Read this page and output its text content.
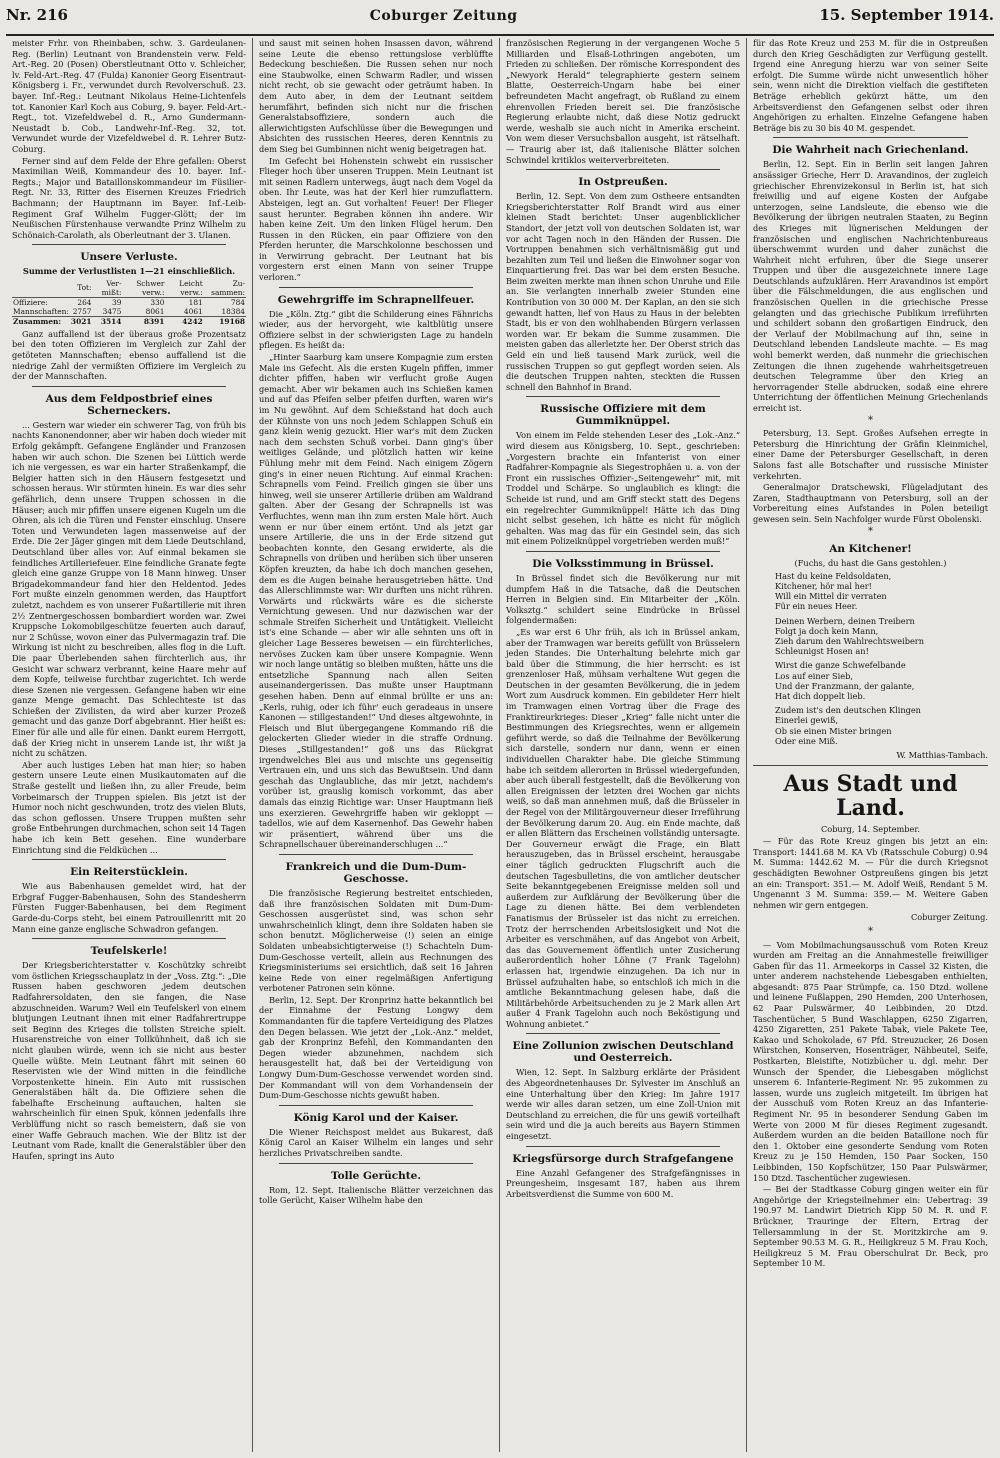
Nr. 216	Coburger Zeitung	15. September 1914.

meister Frhr. von Rheinbaben, schw. 3. Gardeulanen-Reg. (Berlin) Leutnant von Brandenstein verw. Feld-Art.-Reg. 20 (Posen) Oberstleutnant Otto v. Schleicher, lv. Feld-Art.-Reg. 47 (Fulda) Kanonier Georg Eisentraut-Königsberg i. Fr., verwundet durch Revolverschuß. 23. bayer. Inf.-Reg.: Leutnant Nikolaus Heine-Lichtenfels tot. Kanonier Karl Koch aus Coburg, 9. bayer. Feld-Art.-Regt., tot. Vizefeldwebel d. R., Arno Gundermann-Neustadt b. Cob., Landwehr-Inf.-Reg. 32, tot. Verwundet wurde der Vizefeldwebel d. R. Lehrer Butz-Coburg.

Ferner sind auf dem Felde der Ehre gefallen: Oberst Maximilian Weiß, Kommandeur des 10. bayer. Inf.-Regts.; Major und Bataillonskommandeur im Füsilier-Regt. Nr. 33, Ritter des Eisernen Kreuzes Friedrich Bachmann; der Hauptmann im Bayer. Inf.-Leib-Regiment Graf Wilhelm Fugger-Glött; der im Neußischen Fürstenhause verwandte Prinz Wilhelm zu Schönaich-Carolath, als Oberleutnant der 3. Ulanen.

Unsere Verluste.
Summe der Verlustlisten 1—21 einschließlich.
	Tot:	Ver-mißt:	Schwer verw.:	Leicht verw.:	Zu-sammen:
Offiziere:	264	39	330	181	784
Mannschaften:	2757	3475	8061	4061	18384
Zusammen:	3021	3514	8391	4242	19168

Ganz auffallend ist der überaus große Prozentsatz bei den toten Offizieren im Vergleich zur Zahl der getöteten Mannschaften; ebenso auffallend ist die niedrige Zahl der vermißten Offiziere im Vergleich zu der der Mannschaften.

Aus dem Feldpostbrief eines Scherneckers.

... Gestern war wieder ein schwerer Tag, von früh bis nachts Kanonendonner, aber wir haben doch wieder mit Erfolg gekämpft. Gefangene Engländer und Franzosen haben wir auch schon. Die Szenen bei Lüttich werde ich nie vergessen, es war ein harter Straßenkampf, die Belgier hatten sich in den Häusern festgesetzt und schossen heraus. Wir stürmten hinein. Es war dies sehr gefährlich, denn unsere Truppen schossen in die Häuser; auch mir pfiffen unsere eigenen Kugeln um die Ohren, als ich die Türen und Fenster einschlug. Unsere Toten und Verwundeten lagen massenweise auf der Erde. Die 2er Jäger gingen mit dem Liede Deutschland, Deutschland über alles vor. Auf einmal bekamen sie feindliches Artilleriefeuer. Eine feindliche Granate fegte gleich eine ganze Gruppe von 18 Mann hinweg. Unser Brigadekommandeur fand hier den Heldentod. Jedes Fort mußte einzeln genommen werden, das Hauptfort zuletzt, nachdem es von unserer Fußartillerie mit ihren 2½ Zentnergeschossen bombardiert worden war. Zwei Kruppsche Lokomobilgeschütze feuerten auch darauf, nur 2 Schüsse, wovon einer das Pulvermagazin traf. Die Wirkung ist nicht zu beschreiben, alles flog in die Luft. Die paar Überlebenden sahen fürchterlich aus, ihr Gesicht war schwarz verbrannt, keine Haare mehr auf dem Kopfe, teilweise furchtbar zugerichtet. Ich werde diese Szenen nie vergessen. Gefangene haben wir eine ganze Menge gemacht. Das Schlechteste ist das Schießen der Zivilisten, da wird aber kurzer Prozeß gemacht und das ganze Dorf abgebrannt. Hier heißt es: Einer für alle und alle für einen. Dankt eurem Herrgott, daß der Krieg nicht in unserem Lande ist, ihr wißt ja nicht zu schätzen.

Aber auch lustiges Leben hat man hier; so haben gestern unsere Leute einen Musikautomaten auf die Straße gestellt und ließen ihn, zu aller Freude, beim Vorbeimarsch der Truppen spielen. Bis jetzt ist der Humor noch nicht geschwunden, trotz des vielen Bluts, das schon geflossen. Unsere Truppen mußten sehr große Entbehrungen durchmachen, schon seit 14 Tagen habe ich kein Bett gesehen. Eine wunderbare Einrichtung sind die Feldküchen ...

Ein Reiterstücklein.

Wie aus Babenhausen gemeldet wird, hat der Erbgraf Fugger-Babenhausen, Sohn des Standesherrn Fürsten Fugger-Babenhausen, bei dem Regiment Garde-du-Corps steht, bei einem Patrouillenritt mit 20 Mann eine ganze englische Schwadron gefangen.

Teufelskerle!

Der Kriegsberichterstatter v. Koschützky schreibt vom östlichen Kriegsschauplatz in der „Voss. Ztg.“: „Die Russen haben geschworen ‚jedem deutschen Radfahrersoldaten, den sie fangen, die Nase abzuschneiden. Warum? Weil ein Teufelskerl von einem blutjungen Leutnant ihnen mit einer Radfahrertruppe seit Beginn des Krieges die tollsten Streiche spielt. Husarenstreiche von einer Tollkühnheit, daß ich sie nicht glauben würde, wenn ich sie nicht aus bester Quelle wüßte. Mein Leutnant fährt mit seinen 60 Reservisten wie der Wind mitten in die feindliche Vorpostenkette hinein. Ein Auto mit russischen Generalstäben hält da. Die Offiziere sehen die fabelhafte Erscheinung auftauchen, halten sie wahrscheinlich für einen Spuk, können jedenfalls ihre Verblüffung nicht so rasch bemeistern, daß sie von einer Waffe Gebrauch machen. Wie der Blitz ist der Leutnant vom Rade, knallt die Generalstäbler über den Haufen, springt ins Auto

und saust mit seinen hohen Insassen davon, während seine Leute die ebenso rettungslose verblüffte Bedeckung beschießen. Die Russen sehen nur noch eine Staubwolke, einen Schwarm Radler, und wissen nicht recht, ob sie gewacht oder geträumt haben. In dem Auto aber, in dem der Leutnant seitdem herumfährt, befinden sich nicht nur die frischen Generalstabsoffiziere, sondern auch die allerwichtigsten Aufschlüsse über die Bewegungen und Absichten des russischen Heeres, deren Kenntnis zu dem Sieg bei Gumbinnen nicht wenig beigetragen hat.

Im Gefecht bei Hohenstein schwebt ein russischer Flieger hoch über unseren Truppen. Mein Leutnant ist mit seinen Radlern unterwegs, äugt nach dem Vogel da oben. Ihr Leute, was hat der Kerl hier rumzuflattern. Absteigen, legt an. Gut vorhalten! Feuer! Der Flieger saust herunter. Begraben können ihn andere. Wir haben keine Zeit. Um den linken Flügel herum. Den Russen in den Rücken, ein paar Offiziere von den Pferden herunter, die Marschkolonne beschossen und in Verwirrung gebracht. Der Leutnant hat bis vorgestern erst einen Mann von seiner Truppe verloren.“

Gewehrgriffe im Schrapnellfeuer.

Die „Köln. Ztg.“ gibt die Schilderung eines Fähnrichs wieder, aus der hervorgeht, wie kaltblütig unsere Offiziere selbst in der schwierigsten Lage zu handeln pflegen. Es heißt da:

„Hinter Saarburg kam unsere Kompagnie zum ersten Male ins Gefecht. Als die ersten Kugeln pfiffen, immer dichter pfiffen, haben wir verflucht große Augen gemacht. Aber wir bekamen auch ins Schießen kamen und auf das Pfeifen selber pfeifen durften, waren wir's im Nu gewöhnt. Auf dem Schießstand hat doch auch der Kühnste von uns noch jedem Schlappen Schuß ein ganz klein wenig gezuckt. Hier war's mit dem Zucken nach dem sechsten Schuß vorbei. Dann ging's über weitliges Gelände, und plötzlich hatten wir keine Fühlung mehr mit dem Feind. Nach einigem Zögern ging's in einer neuen Richtung. Auf einmal Krachen: Schrapnells vom Feind. Freilich gingen sie über uns hinweg, weil sie unserer Artillerie drüben am Waldrand galten. Aber der Gesang der Schrapnells ist was Verfluchtes, wenn man ihn zum ersten Male hört. Auch wenn er nur über einem ertönt. Und als jetzt gar unsere Artillerie, die uns in der Erde sitzend gut beobachten konnte, den Gesang erwiderte, als die Schrapnells von drüben und herüben sich über unseren Köpfen kreuzten, da habe ich doch manchen gesehen, dem es die Augen beinahe herausgetrieben hätte. Und das Allerschlimmste war: Wir durften uns nicht rühren. Vorwärts und rückwärts wäre es die sicherste Vernichtung gewesen. Und nur dazwischen war der schmale Streifen Sicherheit und Untätigkeit. Vielleicht ist's eine Schande — aber wir alle sehnten uns oft in gleicher Lage Besseres beweisen — ein fürchterliches, nervöses Zucken kam über unsere Kompagnie. Wenn wir noch lange untätig so bleiben mußten, hätte uns die entsetzliche Spannung nach allen Seiten auseinandergerissen. Das mußte unser Hauptmann gesehen haben. Denn auf einmal brüllte er uns an: „Kerls, ruhig, oder ich führ' euch geradeaus in unsere Kanonen — stillgestanden!“ Und dieses altgewohnte, in Fleisch und Blut übergegangene Kommando riß die gelockerten Glieder wieder in die straffe Ordnung. Dieses „Stillgestanden!“ goß uns das Rückgrat irgendwelches Blei aus und mischte uns gegenseitig Vertrauen ein, und uns sich das Bewußtsein. Und dann geschah das Unglaubliche, das mir jetzt, nachdem's vorüber ist, grauslig komisch vorkommt, das aber damals das einzig Richtige war: Unser Hauptmann ließ uns exerzieren. Gewehrgriffe haben wir gekloppt — tadellos, wie auf dem Kasernenhof. Das Gewehr haben wir präsentiert, während über uns die Schrapnellschauer übereinanderschlugen ...“

Frankreich und die Dum-Dum-Geschosse.

Die französische Regierung bestreitet entschieden, daß ihre französischen Soldaten mit Dum-Dum-Geschossen ausgerüstet sind, was schon sehr unwahrscheinlich klingt, denn ihre Soldaten haben sie schon benutzt. Möglicherweise (!) seien an einige Soldaten unbeabsichtigterweise (!) Schachteln Dum-Dum-Geschosse verteilt, allein aus Rechnungen des Kriegsministeriums sei ersichtlich, daß seit 16 Jahren keine Rede von einer regelmäßigen Anfertigung verbotener Patronen sein könne.

Berlin, 12. Sept. Der Kronprinz hatte bekanntlich bei der Einnahme der Festung Longwy dem Kommandanten für die tapfere Verteidigung des Platzes den Degen belassen. Wie jetzt der „Lok.-Anz.“ meldet, gab der Kronprinz Befehl, den Kommandanten den Degen wieder abzunehmen, nachdem sich herausgestellt hat, daß bei der Verteidigung von Longwy Dum-Dum-Geschosse verwendet worden sind. Der Kommandant will von dem Vorhandensein der Dum-Dum-Geschosse nichts gewußt haben.

König Karol und der Kaiser.

Die Wiener Reichspost meldet aus Bukarest, daß König Carol an Kaiser Wilhelm ein langes und sehr herzliches Privatschreiben sandte.

Tolle Gerüchte.

Rom, 12. Sept. Italienische Blätter verzeichnen das tolle Gerücht, Kaiser Wilhelm habe den

französischen Regierung in der vergangenen Woche 5 Milliarden und Elsaß-Lothringen angeboten, um Frieden zu schließen. Der römische Korrespondent des „Newyork Herald“ telegraphierte gestern seinem Blatte, Oesterreich-Ungarn habe bei einer befreundeten Macht angefragt, ob Rußland zu einem ehrenvollen Frieden bereit sei. Die französische Regierung erlaubte nicht, daß diese Notiz gedruckt werde, weshalb sie auch nicht in Amerika erscheint. Von wem dieser Versuchsballon ausgeht, ist rätselhaft. — Traurig aber ist, daß italienische Blätter solchen Schwindel kritiklos weiterverbreiteten.

In Ostpreußen.

Berlin, 12. Sept. Von dem zum Ostheere entsandten Kriegsberichterstatter Rolf Brandt wird aus einer kleinen Stadt berichtet: Unser augenblicklicher Standort, der jetzt voll von deutschen Soldaten ist, war vor acht Tagen noch in den Händen der Russen. Die Vortruppen benahmen sich verhältnismäßig gut und bezahlten zum Teil und ließen die Einwohner sogar von Einquartierung frei. Das war bei dem ersten Besuche. Beim zweiten merkte man ihnen schon Unruhe und Eile an. Sie verlangten innerhalb zweier Stunden eine Kontribution von 30 000 M. Der Kaplan, an den sie sich gewandt hatten, lief von Haus zu Haus in der belebten Stadt, bis er von den wohlhabenden Bürgern verlassen worden war. Er bekam die Summe zusammen. Die meisten gaben das allerletzte her. Der Oberst strich das Geld ein und ließ tausend Mark zurück, weil die russischen Truppen so gut gepflegt worden seien. Als die deutschen Truppen nahten, steckten die Russen schnell den Bahnhof in Brand.

Russische Offiziere mit dem Gummiknüppel.

Von einem im Felde stehenden Leser des „Lok.-Anz.“ wird diesem aus Königsberg, 10. Sept., geschrieben: „Vorgestern brachte ein Infanterist von einer Radfahrer-Kompagnie als Siegestrophäen u. a. von der Front ein russisches Offizier-„Seitengewehr“ mit, mit Troddel und Schärpe. So unglaublich es klingt: die Scheide ist rund, und am Griff steckt statt des Degens ein regelrechter Gummiknüppel! Hätte ich das Ding nicht selbst gesehen, ich hätte es nicht für möglich gehalten. Was mag das für ein Gesindel sein, das sich mit einem Polizeiknüppel vorgetrieben werden muß!“

Die Volksstimmung in Brüssel.

In Brüssel findet sich die Bevölkerung nur mit dumpfem Haß in die Tatsache, daß die Deutschen Herren in Belgien sind. Ein Mitarbeiter der „Köln. Volksztg.“ schildert seine Eindrücke in Brüssel folgendermaßen:

„Es war erst 6 Uhr früh, als ich in Brüssel ankam, aber der Tramwagen war bereits gefüllt von Brüsselern jeden Standes. Die Unterhaltung belehrte mich gar bald über die Stimmung, die hier herrscht: es ist grenzenloser Haß, mühsam verhaltene Wut gegen die Deutschen in der gesamten Bevölkerung, die in jedem Wort zum Ausdruck kommen. Ein gebildeter Herr hielt im Tramwagen einen Vortrag über die Frage des Franktireurkrieges: Dieser „Krieg“ falle nicht unter die Bestimmungen des Kriegsrechtes, wenn er allgemein geführt werde, so daß die Teilnahme der Bevölkerung sich darstelle, sondern nur dann, wenn er einen individuellen Charakter habe. Die gleiche Stimmung habe ich seitdem allerorten in Brüssel wiedergefunden, aber auch überall festgestellt, daß die Bevölkerung von allen Ereignissen der letzten drei Wochen gar nichts weiß, so daß man annehmen muß, daß die Brüsseler in der Regel von der Militärgouverneur dieser Irreführung der Bevölkerung darum 20. Aug. ein Ende machte, daß er allen Blättern das Erscheinen vollständig untersagte. Der Gouverneur erwägt die Frage, ein Blatt herauszugeben, das in Brüssel erscheint, herausgabe einer täglich gedruckten Flugschrift auch die deutschen Tagesbulletins, die von amtlicher deutscher Seite bekanntgegebenen Ereignisse melden soll und außerdem zur Aufklärung der Bevölkerung über die Lage zu dienen hätte. Bei dem verblendeten Fanatismus der Brüsseler ist das nicht zu erreichen. Trotz der herrschenden Arbeitslosigkeit und Not die Arbeiter es verschmähen, auf das Angebot von Arbeit, das das Gouvernement öffentlich unter Zusicherung außerordentlich hoher Löhne (7 Frank Tagelohn) erlassen hat, irgendwie einzugehen. Da ich nur in Brüssel aufzuhalten habe, so entschloß ich mich in die amtliche Bekanntmachung gelesen habe, daß die Militärbehörde Arbeitsuchenden zu je 2 Mark allen Art außer 4 Frank Tagelohn auch noch Beköstigung und Wohnung anbietet.“

Eine Zollunion zwischen Deutschland und Oesterreich.

Wien, 12. Sept. In Salzburg erklärte der Präsident des Abgeordnetenhauses Dr. Sylvester im Anschluß an eine Unterhaltung über den Krieg: Im Jahre 1917 werde wir alles daran setzen, um eine Zoll-Union mit Deutschland zu erreichen, die für uns gewiß vorteilhaft sein wird und die ja auch bereits aus Bayern Stimmen eingesetzt.

Kriegsfürsorge durch Strafgefangene

Eine Anzahl Gefangener des Strafgefängnisses in Preungesheim, insgesamt 187, haben aus ihrem Arbeitsverdienst die Summe von 600 M.

für das Rote Kreuz und 253 M. für die in Ostpreußen durch den Krieg Geschädigten zur Verfügung gestellt. Irgend eine Anregung hierzu war von seiner Seite erfolgt. Die Summe würde nicht unwesentlich höher sein, wenn nicht die Direktion vielfach die gestifteten Beträge erheblich gekürzt hätte, um den Arbeitsverdienst den Gefangenen selbst oder ihren Angehörigen zu erhalten. Einzelne Gefangene haben Beträge bis zu 30 bis 40 M. gespendet.

Die Wahrheit nach Griechenland.

Berlin, 12. Sept. Ein in Berlin seit langen Jahren ansässiger Grieche, Herr D. Aravandinos, der zugleich griechischer Ehrenvizekonsul in Berlin ist, hat sich freiwillig und auf eigene Kosten der Aufgabe unterzogen, seine Landsleute, die ebenso wie die Bevölkerung der übrigen neutralen Staaten, zu Beginn des Krieges mit lügnerischen Meldungen der französischen und englischen Nachrichtenbureaus überschwemmt wurden und daher zunächst die Wahrheit nicht erfuhren, über die Siege unserer Truppen und über die ausgezeichnete innere Lage Deutschlands aufzuklären. Herr Aravandinos ist empört über die Fälschmeldungen, die aus englischen und französischen Quellen in die griechische Presse gelangten und das griechische Publikum irreführten und schildert sobann den großartigen Eindruck, den der Verlauf der Mobilmachung auf ihn, seine in Deutschland lebenden Landsleute machte. — Es mag wohl bemerkt werden, daß nunmehr die griechischen Zeitungen die ihnen zugehende wahrheitsgetreuen deutschen Telegramme über den Krieg an hervorragender Stelle abdrucken, sodaß eine ehrere Unterrichtung der öffentlichen Meinung Griechenlands erreicht ist.

*

Petersburg, 13. Sept. Großes Aufsehen erregte in Petersburg die Hinrichtung der Gräfin Kleinmichel, einer Dame der Petersburger Gesellschaft, in deren Salons fast alle Botschafter und russische Minister verkehrten.

Generalmajor Dratschewski, Flügeladjutant des Zaren, Stadthauptmann von Petersburg, soll an der Vorbereitung eines Aufstandes in Polen beteiligt gewesen sein. Sein Nachfolger wurde Fürst Obolenski.

*
An Kitchener!
(Fuchs, du hast die Gans gestohlen.)

Hast du keine Feldsoldaten,

Kitchener, hör mal her!

Will ein Mittel dir verraten

Für ein neues Heer.

Deinen Werbern, deinen Treibern

Folgt ja doch kein Mann,

Zieh darum den Wahlrechtsweibern

Schleunigst Hosen an!

Wirst die ganze Schwefelbande

Los auf einer Sieb,

Und der Franzmann, der galante,

Hat dich doppelt lieb.

Zudem ist's den deutschen Klingen

Einerlei gewiß,

Ob sie einen Mister bringen

Oder eine Miß.

W. Matthias-Tambach.
Aus Stadt und Land.
Coburg, 14. September.

— Für das Rote Kreuz gingen bis jetzt an ein: Transport: 1441.68 M. KA Vb (Ratsschule Coburg) 0.94 M. Summa: 1442.62 M. — Für die durch Kriegsnot geschädigten Bewohner Ostpreußens gingen bis jetzt an ein: Transport: 351.— M. Adolf Weiß, Rendant 5 M. Ungenannt 3 M. Summa: 359.— M. Weitere Gaben nehmen wir gern entgegen.

Coburger Zeitung.
*

— Vom Mobilmachungsausschuß vom Roten Kreuz wurden am Freitag an die Annahmestelle freiwilliger Gaben für das 11. Armeekorps in Cassel 32 Kisten, die unter anderem nachstehende Liebesgaben enthielten, abgesandt: 875 Paar Strümpfe, ca. 150 Dtzd. wollene und leinene Fußlappen, 290 Hemden, 200 Unterhosen, 62 Paar Pulswärmer, 40 Leibbinden, 20 Dtzd. Taschentücher, 5 Bund Waschlappen, 6250 Zigarren, 4250 Zigaretten, 251 Pakete Tabak, viele Pakete Tee, Kakao und Schokolade, 67 Pfd. Streuzucker, 26 Dosen Würstchen, Konserven, Hosenträger, Nähbeutel, Seife, Postkarten, Bleistifte, Notizbücher u. dgl. mehr. Der Wunsch der Spender, die Liebesgaben möglichst unserem 6. Infanterie-Regiment Nr. 95 zukommen zu lassen, wurde uns zugleich mitgeteilt. Im übrigen hat der Ausschuß vom Roten Kreuz an das Infanterie-Regiment Nr. 95 in besonderer Sendung Gaben im Werte von 2000 M für dieses Regiment zugesandt. Außerdem wurden an die beiden Bataillone noch für den 1. Oktober eine gesonderte Sendung vom Roten Kreuz zu je 150 Hemden, 150 Paar Socken, 150 Leibbinden, 150 Kopfschützer, 150 Paar Pulswärmer, 150 Dtzd. Taschentücher zugewiesen.

— Bei der Stadtkasse Coburg gingen weiter ein für Angehörige der Kriegsteilnehmer ein: Uebertrag: 39 190.97 M. Landwirt Dietrich Kipp 50 M. R. und F. Brückner, Trauringe der Eltern, Ertrag der Tellersammlung in der St. Moritzkirche am 9. September 90.53 M. G. R., Heiligkreuz 5 M. Frau Koch, Heiligkreuz 5 M. Frau Oberschulrat Dr. Beck, pro September 10 M.
